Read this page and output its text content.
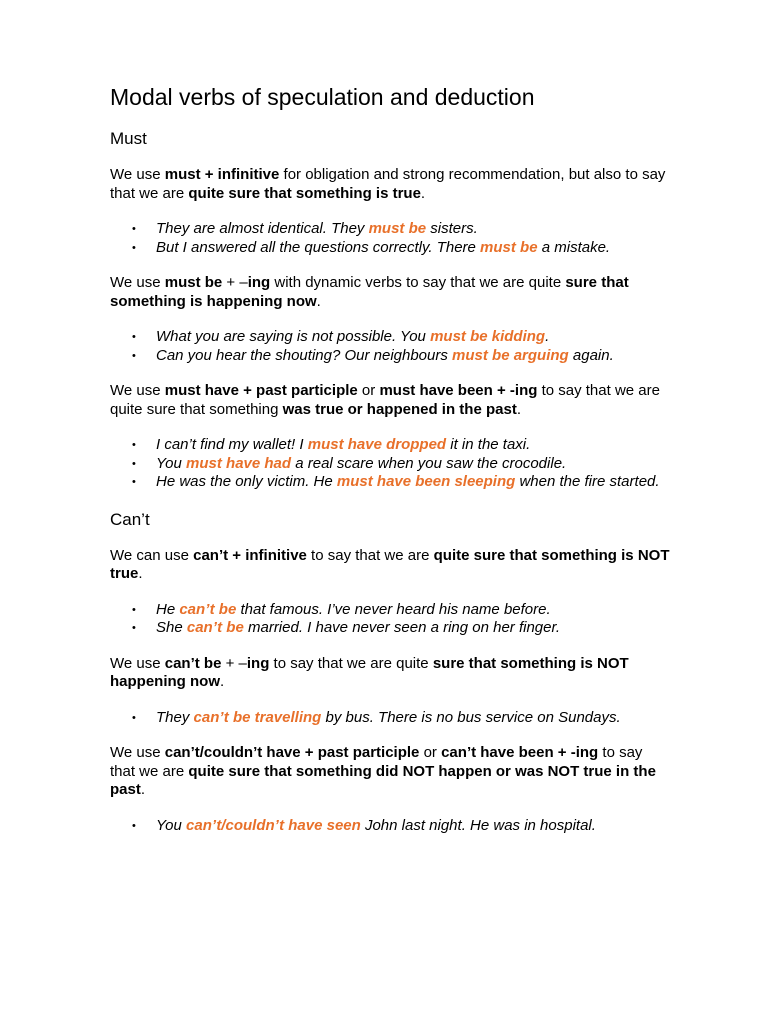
Modal verbs of speculation and deduction
Must

We use must + infinitive for obligation and strong recommendation, but also to say that we are quite sure that something is true.

• They are almost identical. They must be sisters.
• But I answered all the questions correctly. There must be a mistake.

We use must be + –ing with dynamic verbs to say that we are quite sure that something is happening now.

• What you are saying is not possible. You must be kidding.
• Can you hear the shouting? Our neighbours must be arguing again.

We use must have + past participle or must have been + -ing to say that we are quite sure that something was true or happened in the past.

• I can’t find my wallet! I must have dropped it in the taxi.
• You must have had a real scare when you saw the crocodile.
• He was the only victim. He must have been sleeping when the fire started.
Can’t

We can use can’t + infinitive to say that we are quite sure that something is NOT true.

• He can’t be that famous. I’ve never heard his name before.
• She can’t be married. I have never seen a ring on her finger.

We use can’t be + –ing to say that we are quite sure that something is NOT happening now.

• They can’t be travelling by bus. There is no bus service on Sundays.

We use can’t/couldn’t have + past participle or can’t have been + -ing to say that we are quite sure that something did NOT happen or was NOT true in the past.

• You can’t/couldn’t have seen John last night. He was in hospital.
